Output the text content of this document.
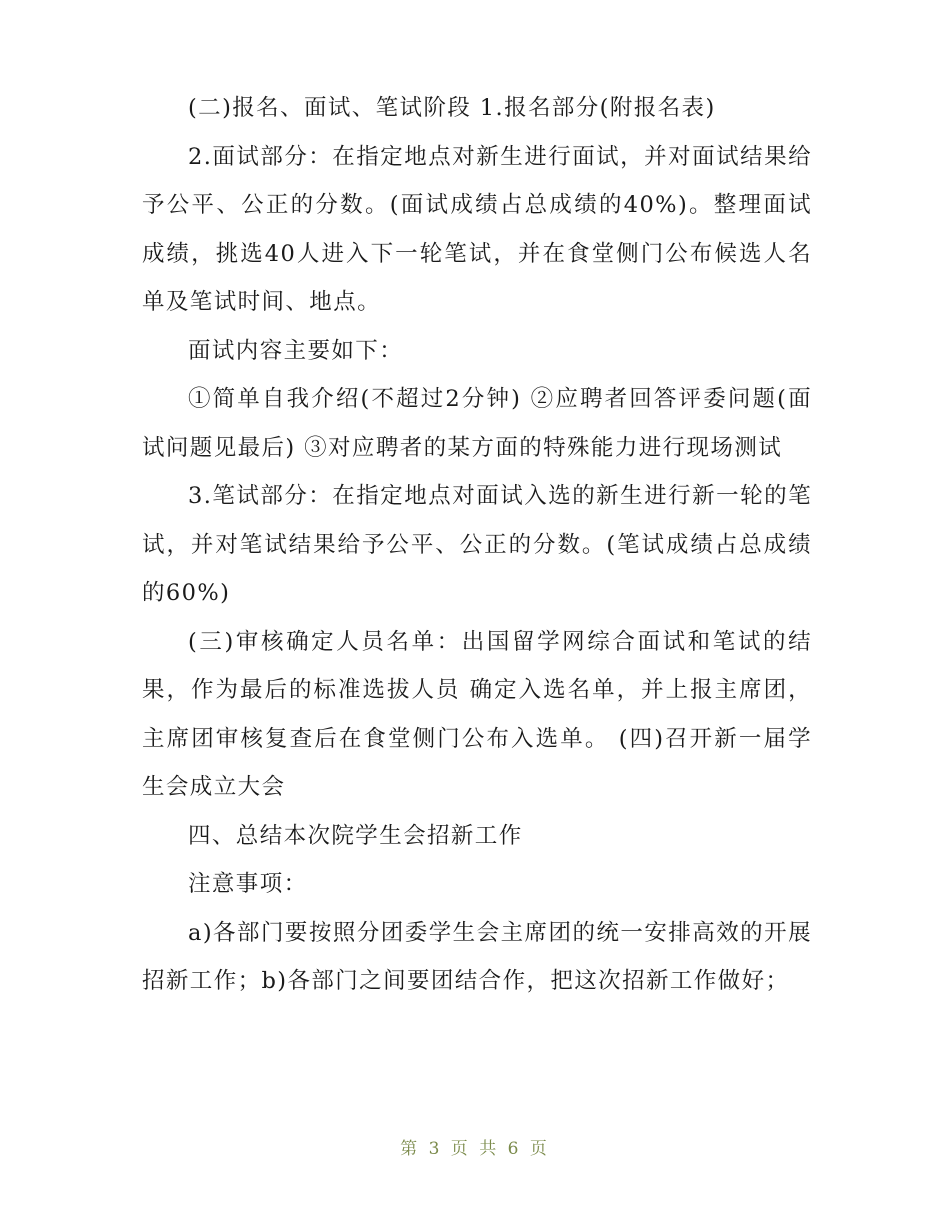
(二)报名、面试、笔试阶段 1.报名部分(附报名表)

2.面试部分：在指定地点对新生进行面试，并对面试结果给予公平、公正的分数。(面试成绩占总成绩的40%)。整理面试成绩，挑选40人进入下一轮笔试，并在食堂侧门公布候选人名单及笔试时间、地点。

面试内容主要如下：

①简单自我介绍(不超过2分钟) ②应聘者回答评委问题(面试问题见最后) ③对应聘者的某方面的特殊能力进行现场测试

3.笔试部分：在指定地点对面试入选的新生进行新一轮的笔试，并对笔试结果给予公平、公正的分数。(笔试成绩占总成绩的60%)

(三)审核确定人员名单：出国留学网综合面试和笔试的结果，作为最后的标准选拔人员 确定入选名单，并上报主席团，主席团审核复查后在食堂侧门公布入选单。 (四)召开新一届学生会成立大会

四、总结本次院学生会招新工作

注意事项：

a)各部门要按照分团委学生会主席团的统一安排高效的开展招新工作；b)各部门之间要团结合作，把这次招新工作做好；

第 3 页 共 6 页
